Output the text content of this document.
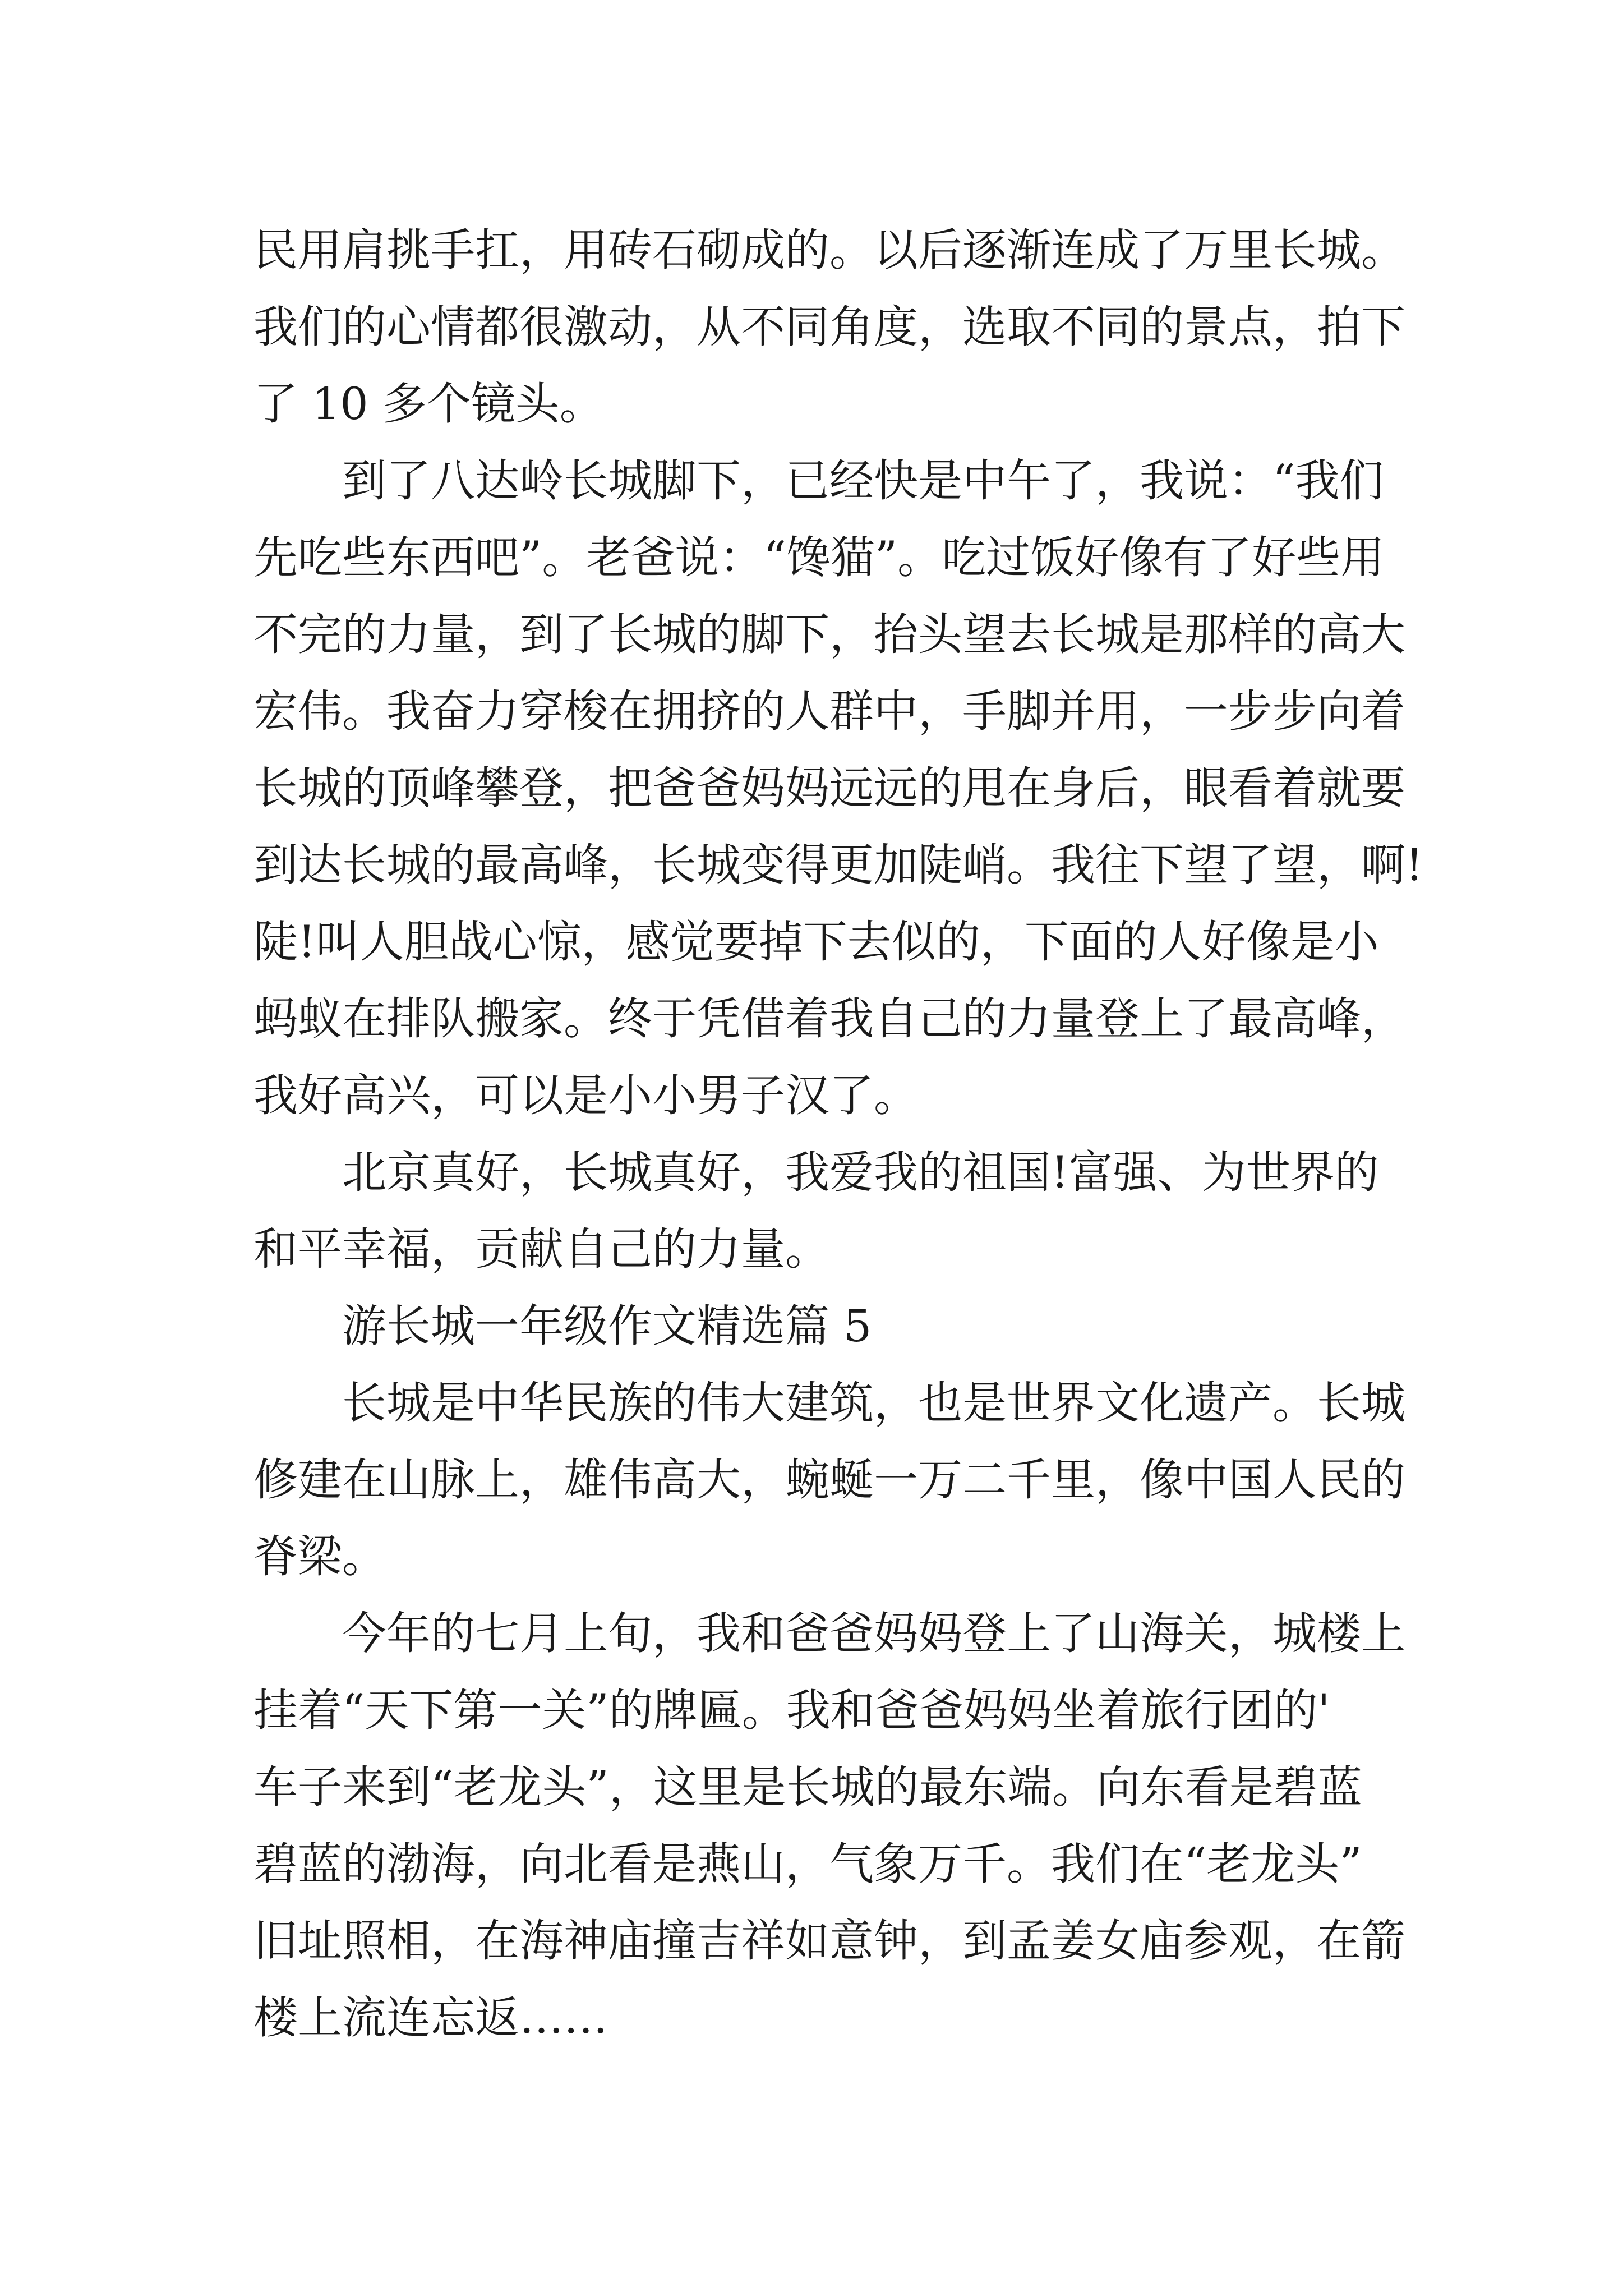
民用肩挑手扛，用砖石砌成的。以后逐渐连成了万里长城。
我们的心情都很激动，从不同角度，选取不同的景点，拍下
了 10 多个镜头。
到了八达岭长城脚下，已经快是中午了，我说：“我们
先吃些东西吧”。老爸说：“馋猫”。吃过饭好像有了好些用
不完的力量，到了长城的脚下，抬头望去长城是那样的高大
宏伟。我奋力穿梭在拥挤的人群中，手脚并用，一步步向着
长城的顶峰攀登，把爸爸妈妈远远的甩在身后，眼看着就要
到达长城的最高峰，长城变得更加陡峭。我往下望了望，啊!
陡!叫人胆战心惊，感觉要掉下去似的，下面的人好像是小
蚂蚁在排队搬家。终于凭借着我自己的力量登上了最高峰，
我好高兴，可以是小小男子汉了。
北京真好，长城真好，我爱我的祖国!富强、为世界的
和平幸福，贡献自己的力量。
游长城一年级作文精选篇 5
长城是中华民族的伟大建筑，也是世界文化遗产。长城
修建在山脉上，雄伟高大，蜿蜒一万二千里，像中国人民的
脊梁。
今年的七月上旬，我和爸爸妈妈登上了山海关，城楼上
挂着“天下第一关”的牌匾。我和爸爸妈妈坐着旅行团的'
车子来到“老龙头”，这里是长城的最东端。向东看是碧蓝
碧蓝的渤海，向北看是燕山，气象万千。我们在“老龙头”
旧址照相，在海神庙撞吉祥如意钟，到孟姜女庙参观，在箭
楼上流连忘返……
